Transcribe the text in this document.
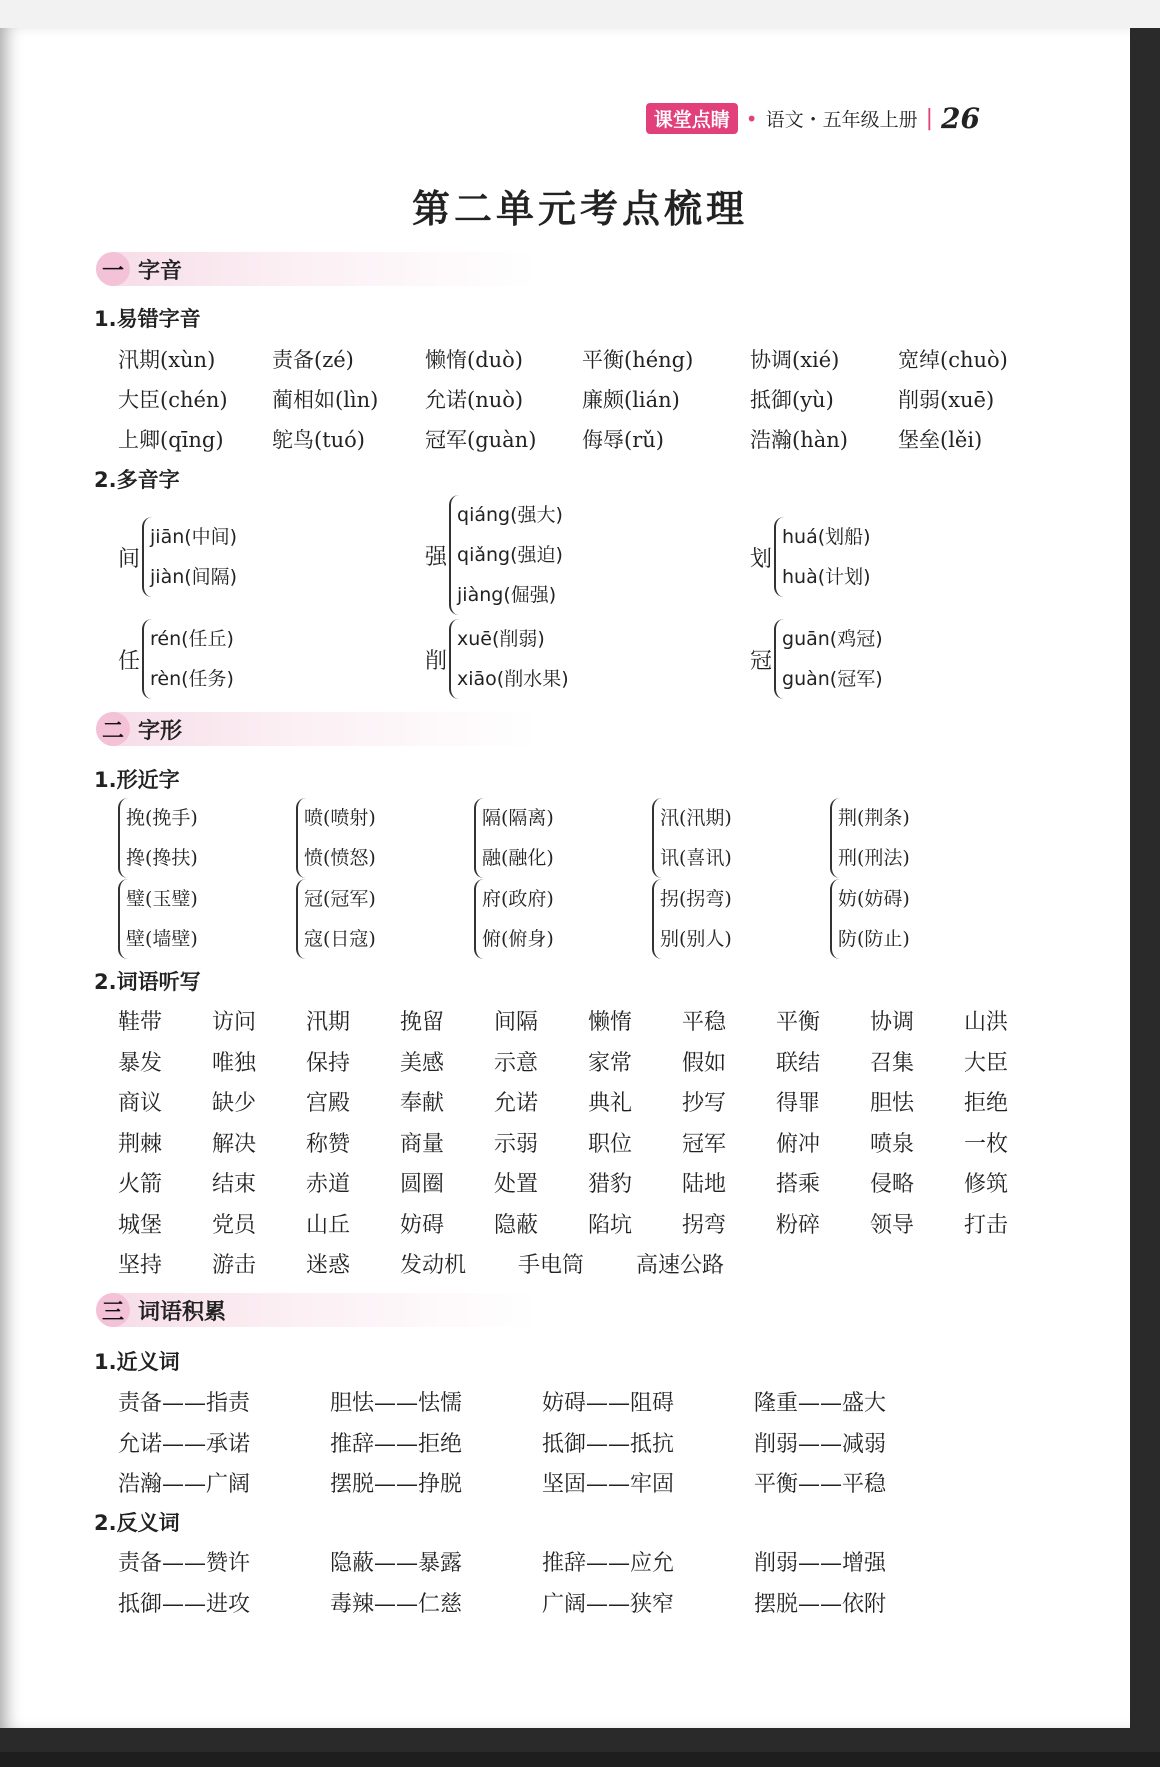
课堂点睛 • 语文・五年级上册 | 26
第二单元考点梳理
一 字音
1.易错字音
汛期(xùn)	责备(zé)	懒惰(duò)	平衡(héng)	协调(xié)	宽绰(chuò)
大臣(chén) 蔺相如(lìn) 允诺(nuò)	廉颇(lián)	抵御(yù)	削弱(xuē)
上卿(qīng) 鸵鸟(tuó)	冠军(guàn) 侮辱(rǔ)	浩瀚(hàn) 堡垒(lěi)
2.多音字
间
jiān(中间)
jiàn(间隔)
强
qiáng(强大)
qiǎng(强迫)
jiàng(倔强)
划
huá(划船)
huà(计划)
任
rén(任丘)
rèn(任务)
削
xuē(削弱)
xiāo(削水果)
冠
guān(鸡冠)
guàn(冠军)
二 字形
1.形近字
挽(挽手)
搀(搀扶)
喷(喷射)
愤(愤怒)
隔(隔离)
融(融化)
汛(汛期)
讯(喜讯)
荆(荆条)
刑(刑法)
璧(玉璧)
壁(墙壁)
冠(冠军)
寇(日寇)
府(政府)
俯(俯身)
拐(拐弯)
别(别人)
妨(妨碍)
防(防止)
2.词语听写
鞋带 访问 汛期 挽留 间隔 懒惰 平稳 平衡 协调 山洪
暴发 唯独 保持 美感 示意 家常 假如 联结 召集 大臣
商议 缺少 宫殿 奉献 允诺 典礼 抄写 得罪 胆怯 拒绝
荆棘 解决 称赞 商量 示弱 职位 冠军 俯冲 喷泉 一枚
火箭 结束 赤道 圆圈 处置 猎豹 陆地 搭乘 侵略 修筑
城堡 党员 山丘 妨碍 隐蔽 陷坑 拐弯 粉碎 领导 打击
坚持 游击 迷惑 发动机 手电筒 高速公路
三 词语积累
1.近义词
责备——指责	胆怯——怯懦	妨碍——阻碍	隆重——盛大
允诺——承诺	推辞——拒绝	抵御——抵抗	削弱——减弱
浩瀚——广阔	摆脱——挣脱	坚固——牢固	平衡——平稳
2.反义词
责备——赞许	隐蔽——暴露	推辞——应允	削弱——增强
抵御——进攻	毒辣——仁慈	广阔——狭窄	摆脱——依附
